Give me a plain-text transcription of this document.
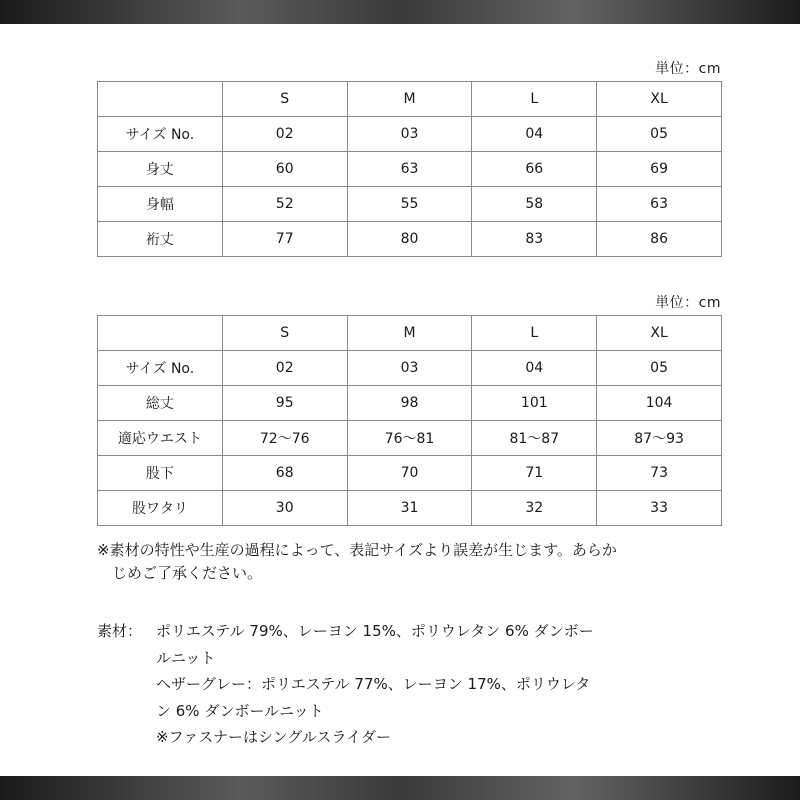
単位：cm
	S	M	L	XL
サイズ No.	02	03	04	05
身丈	60	63	66	69
身幅	52	55	58	63
裄丈	77	80	83	86
単位：cm
	S	M	L	XL
サイズ No.	02	03	04	05
総丈	95	98	101	104
適応ウエスト	72〜76	76〜81	81〜87	87〜93
股下	68	70	71	73
股ワタリ	30	31	32	33
※素材の特性や生産の過程によって、表記サイズより誤差が生じます。あらか
じめご了承ください。
素材： ポリエステル 79%、レーヨン 15%、ポリウレタン 6% ダンボー
ルニット
ヘザーグレー：ポリエステル 77%、レーヨン 17%、ポリウレタ
ン 6% ダンボールニット
※ファスナーはシングルスライダー
